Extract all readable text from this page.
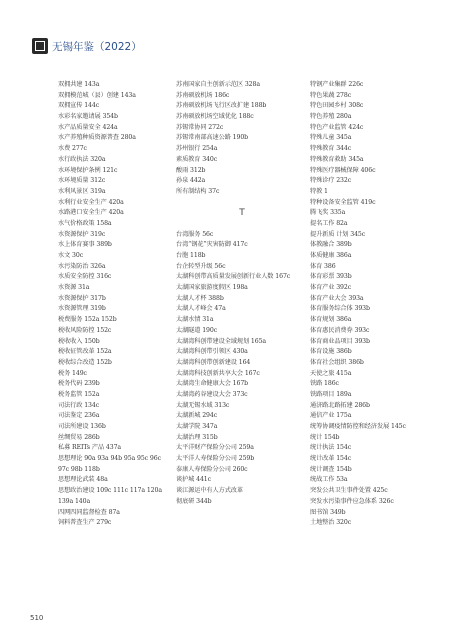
无锡年鉴（2022）
双拥共建 143a
双拥模范城（县）创建 143a
双拥宣传 144c
水彩名家邀请展 354b
水产品质量安全 424a
水产养殖种质资源普查 280a
水费 277c
水行政执法 320a
水环境保护条例 121c
水环境质量 312c
水利风景区 319a
水利行业安全生产 420a
水路港口安全生产 420a
水气价格政策 158a
水资源保护 319c
水上体育赛事 389b
水文 30c
水污染防治 326a
水质安全防控 316c
水资源 31a
水资源保护 317b
水资源管理 319b
税费服务 152a 152b
税收风险防控 152c
税收收入 150b
税收征管改革 152a
税收综合改造 152b
税务 149c
税务代码 239b
税务监管 152a
司法行政 134c
司法鉴定 236a
司法所建设 136b
丝绸贸易 286b
私募 REITs 产品 437a
思想理论 90a 93a 94b 95a 95c 96c
97c 98b 118b
思想理论武装 48a
思想政治建设 109c 111c 117a 120a
139a 140a
四网四同监督检查 87a
饲料普查生产 279c
苏南国家自主创新示范区 328a
苏南硕放机场 186c
苏南硕放机场飞行区改扩建 188b
苏南硕放机场空域优化 188c
苏锡常协同 272c
苏锡常南部高速公路 190b
苏州银行 254a
素质教育 340c
酸雨 312b
孙泉 442a
所有制结构 37c
T
台湾服务 56c
台湾“钢花”灾害防御 417c
台胞 118b
台企转型升级 56c
太湖科创带高质量发展创新行业人数 167c
太湖国家旅游度假区 198a
太湖人才杯 388b
太湖人才峰会 47a
太湖水情 31a
太湖隧道 190c
太湖湾科创带建设全域规划 165a
太湖湾科创带引领区 430a
太湖湾科创带创新建设 164
太湖湾科技创新共享大会 167c
太湖湾生命健康大会 167b
太湖湾药谷建设大会 373c
太湖无锡水域 313c
太湖新城 294c
太湖学院 347a
太湖治理 315b
太平洋财产保险分公司 259a
太平洋人寿保险分公司 259b
泰康人寿保险分公司 260c
谈护城 441c
谈江源运中有人方式改革
彻底研 344b
特钢产业集群 226c
特色果蔬 278c
特色田园乡村 308c
特色养殖 280a
特色产业监管 424c
特殊儿童 345a
特殊教育 344c
特殊教育救助 345a
特殊医疗器械保障 406c
特殊诊疗 232c
特教 1
特种设备安全监管 419c
腾飞奖 335a
提名工作 82a
提升新质 计划 345c
体教融合 389b
体质健康 386a
体育 386
体育彩票 393b
体育产业 392c
体育产业大会 393a
体育服务综合体 393b
体育规划 386a
体育惠民消费券 393c
体育商业品项目 393b
体育设施 386b
体育社会组织 386b
天使之旅 415a
铁路 186c
铁路项目 189a
通济路北路拓建 286b
通信产业 175a
统筹协调疫情防控和经济发展 145c
统计 154b
统计执法 154c
统计改革 154c
统计调查 154b
统战工作 53a
突发公共卫生事件处置 425c
突发水污染事件应急体系 326c
图书馆 349b
土地整治 320c
510
